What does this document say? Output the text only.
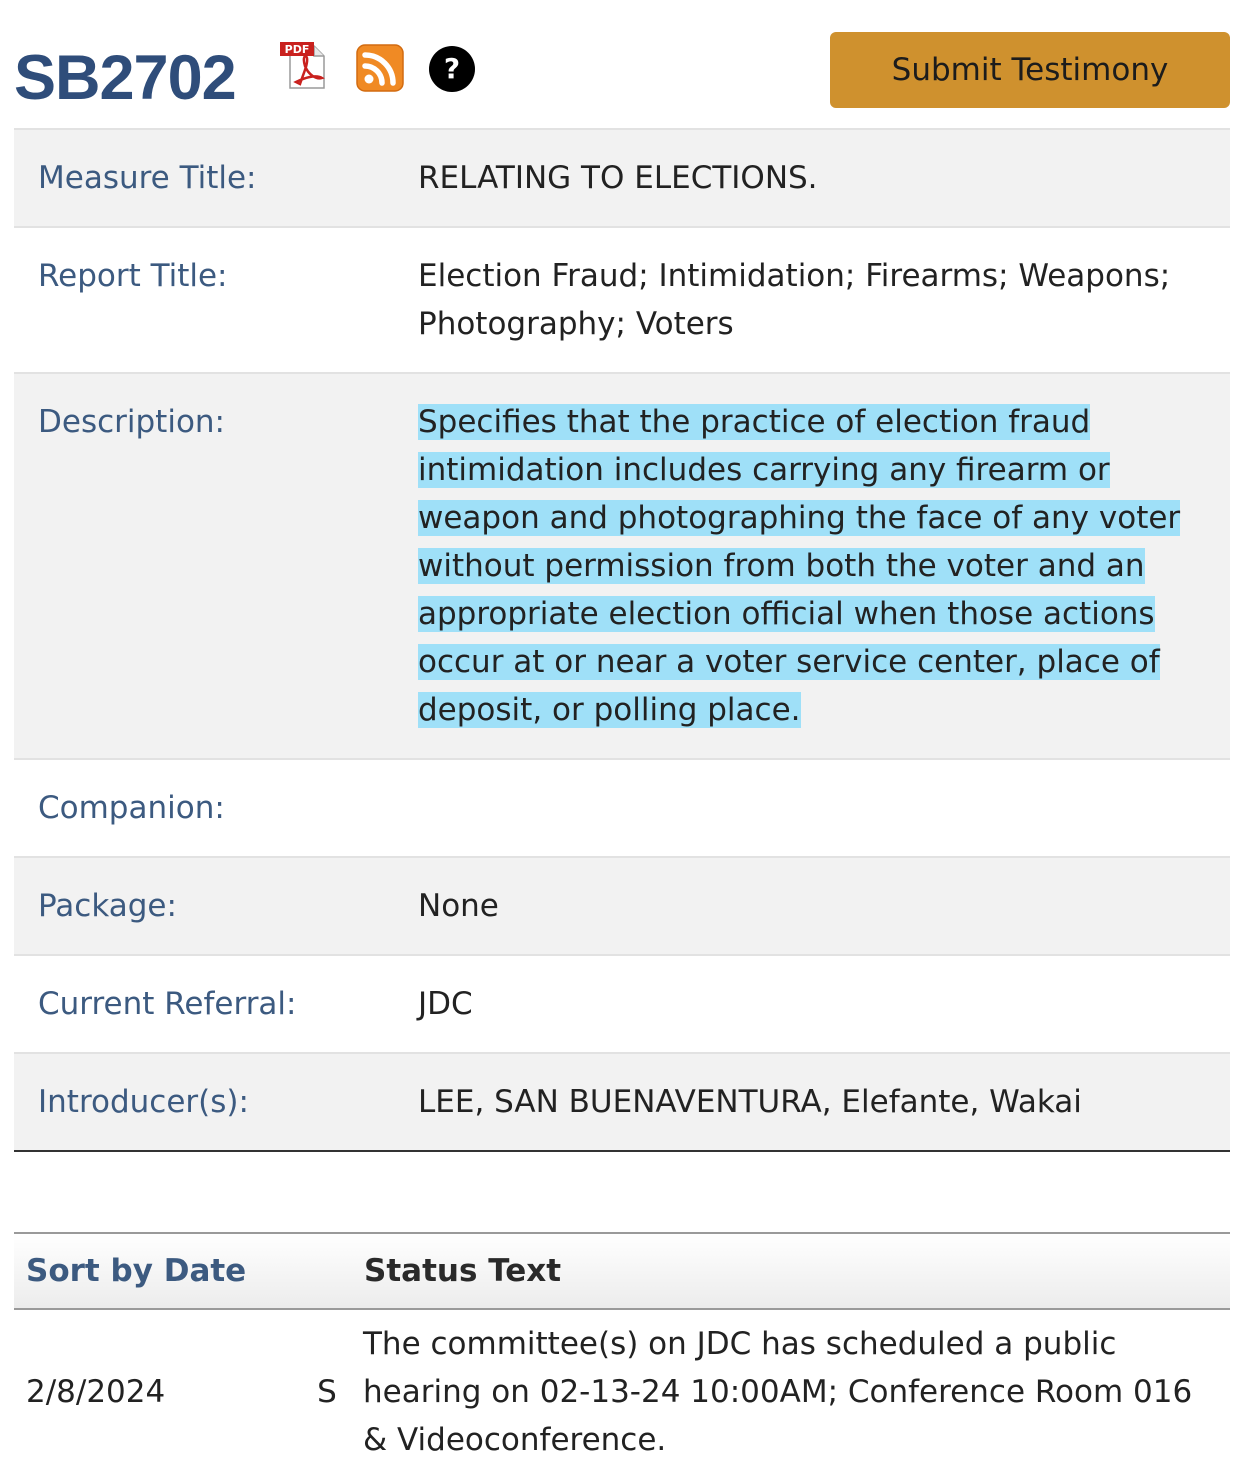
SB2702	PDF
?	Submit Testimony
Measure Title:	RELATING TO ELECTIONS.
Report Title:	Election Fraud; Intimidation; Firearms; Weapons; Photography; Voters
Description:	Specifies that the practice of election fraud intimidation includes carrying any firearm or weapon and photographing the face of any voter without permission from both the voter and an appropriate election official when those actions occur at or near a voter service center, place of deposit, or polling place.
Companion:	
Package:	None
Current Referral:	JDC
Introducer(s):	LEE, SAN BUENAVENTURA, Elefante, Wakai
Sort by Date		Status Text
2/8/2024	S	The committee(s) on JDC has scheduled a public hearing on 02-13-24 10:00AM; Conference Room 016 & Videoconference.
